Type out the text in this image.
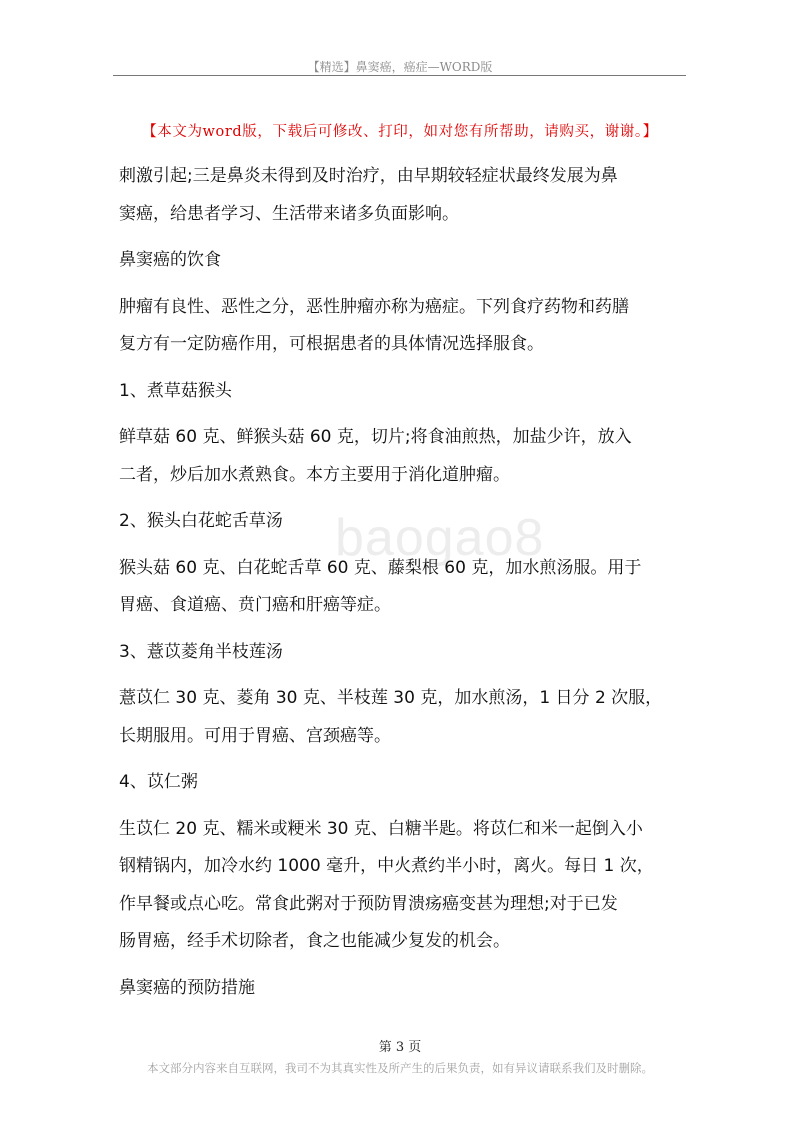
【精选】鼻窦癌，癌症—WORD版
【本文为word版，下载后可修改、打印，如对您有所帮助，请购买，谢谢。】
baogao8

刺激引起;三是鼻炎未得到及时治疗，由早期较轻症状最终发展为鼻

窦癌，给患者学习、生活带来诸多负面影响。

鼻窦癌的饮食

肿瘤有良性、恶性之分，恶性肿瘤亦称为癌症。下列食疗药物和药膳

复方有一定防癌作用，可根据患者的具体情况选择服食。

1、煮草菇猴头

鲜草菇 60 克、鲜猴头菇 60 克，切片;将食油煎热，加盐少许，放入

二者，炒后加水煮熟食。本方主要用于消化道肿瘤。

2、猴头白花蛇舌草汤

猴头菇 60 克、白花蛇舌草 60 克、藤梨根 60 克，加水煎汤服。用于

胃癌、食道癌、贲门癌和肝癌等症。

3、薏苡菱角半枝莲汤

薏苡仁 30 克、菱角 30 克、半枝莲 30 克，加水煎汤，1 日分 2 次服，

长期服用。可用于胃癌、宫颈癌等。

4、苡仁粥

生苡仁 20 克、糯米或粳米 30 克、白糖半匙。将苡仁和米一起倒入小

钢精锅内，加冷水约 1000 毫升，中火煮约半小时，离火。每日 1 次，

作早餐或点心吃。常食此粥对于预防胃溃疡癌变甚为理想;对于已发

肠胃癌，经手术切除者，食之也能减少复发的机会。

鼻窦癌的预防措施

第 3 页
本文部分内容来自互联网，我司不为其真实性及所产生的后果负责，如有异议请联系我们及时删除。
